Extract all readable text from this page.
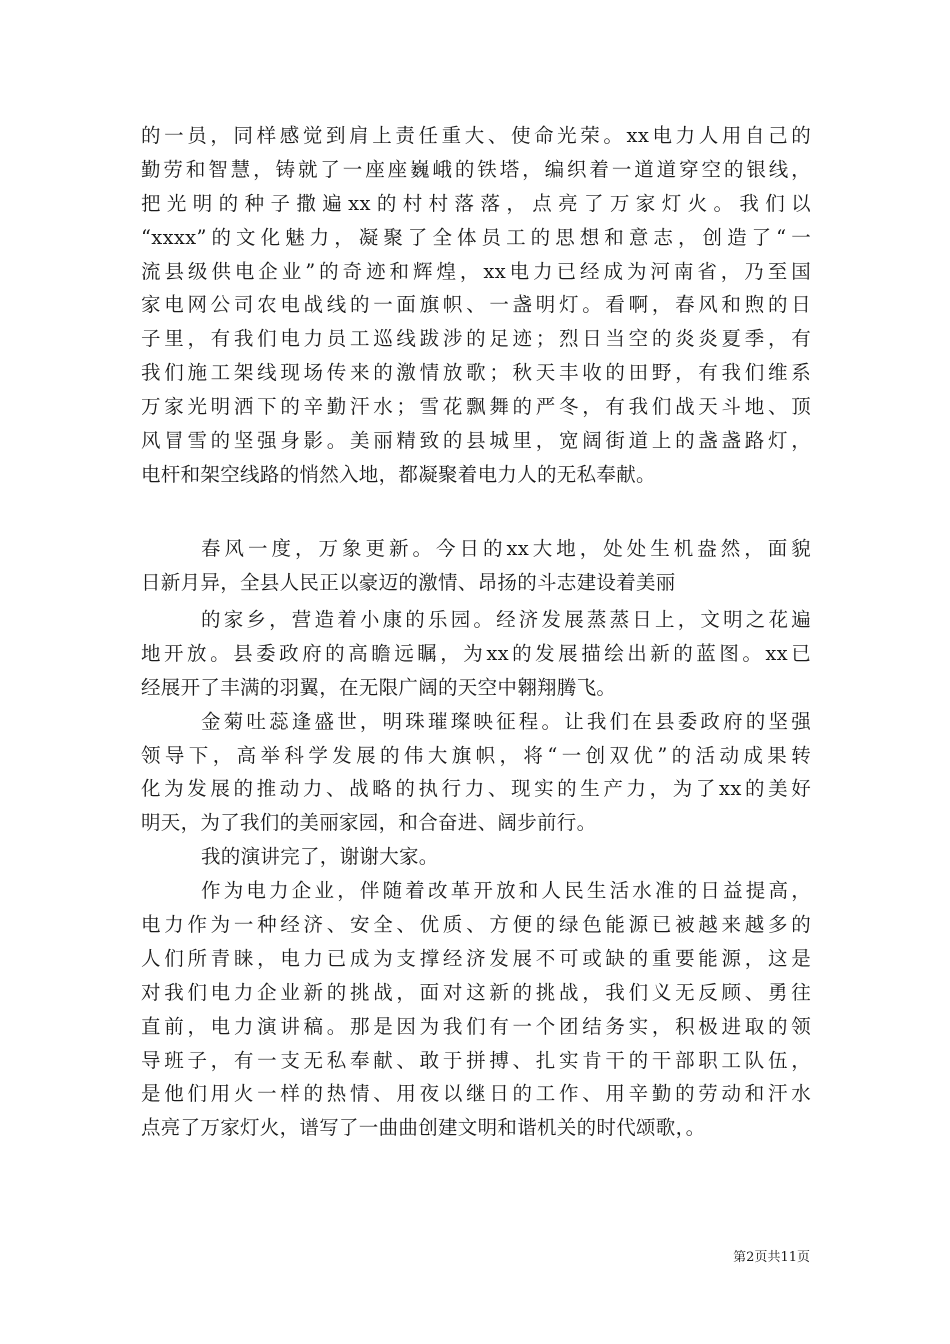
的一员，同样感觉到肩上责任重大、使命光荣。xx电力人用自己的
勤劳和智慧，铸就了一座座巍峨的铁塔，编织着一道道穿空的银线，
把光明的种子撒遍xx的村村落落，点亮了万家灯火。我们以
“xxxx”的文化魅力，凝聚了全体员工的思想和意志，创造了“一
流县级供电企业”的奇迹和辉煌，xx电力已经成为河南省，乃至国
家电网公司农电战线的一面旗帜、一盏明灯。看啊，春风和煦的日
子里，有我们电力员工巡线跋涉的足迹；烈日当空的炎炎夏季，有
我们施工架线现场传来的激情放歌；秋天丰收的田野，有我们维系
万家光明洒下的辛勤汗水；雪花飘舞的严冬，有我们战天斗地、顶
风冒雪的坚强身影。美丽精致的县城里，宽阔街道上的盏盏路灯，
电杆和架空线路的悄然入地，都凝聚着电力人的无私奉献。
春风一度，万象更新。今日的xx大地，处处生机盎然，面貌
日新月异，全县人民正以豪迈的激情、昂扬的斗志建设着美丽
的家乡，营造着小康的乐园。经济发展蒸蒸日上，文明之花遍
地开放。县委政府的高瞻远瞩，为xx的发展描绘出新的蓝图。xx已
经展开了丰满的羽翼，在无限广阔的天空中翱翔腾飞。
金菊吐蕊逢盛世，明珠璀璨映征程。让我们在县委政府的坚强
领导下，高举科学发展的伟大旗帜，将“一创双优”的活动成果转
化为发展的推动力、战略的执行力、现实的生产力，为了xx的美好
明天，为了我们的美丽家园，和合奋进、阔步前行。
我的演讲完了，谢谢大家。
作为电力企业，伴随着改革开放和人民生活水准的日益提高，
电力作为一种经济、安全、优质、方便的绿色能源已被越来越多的
人们所青睐，电力已成为支撑经济发展不可或缺的重要能源，这是
对我们电力企业新的挑战，面对这新的挑战，我们义无反顾、勇往
直前，电力演讲稿。那是因为我们有一个团结务实，积极进取的领
导班子，有一支无私奉献、敢于拼搏、扎实肯干的干部职工队伍，
是他们用火一样的热情、用夜以继日的工作、用辛勤的劳动和汗水
点亮了万家灯火，谱写了一曲曲创建文明和谐机关的时代颂歌，。
第2页共11页
